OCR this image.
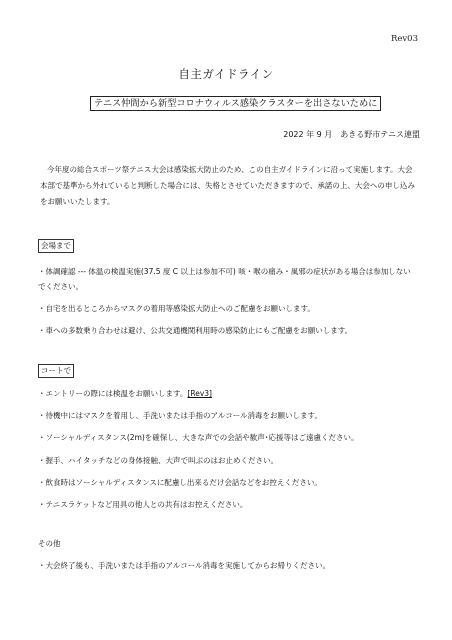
Rev03
自主ガイドライン
テニス仲間から新型コロナウィルス感染クラスターを出さないために
2022 年 9 月　あきる野市テニス連盟
今年度の総合スポーツ祭テニス大会は感染拡大防止のため、この自主ガイドラインに沿って実施します。大会本部で基準から外れていると判断した場合には、失格とさせていただきますので、承諾の上、大会への申し込みをお願いいたします。
会場まで
・体調確認 --- 体温の検温実施(37.5 度 C 以上は参加不可) 咳・喉の痛み・風邪の症状がある場合は参加しないでください。
・自宅を出るところからマスクの着用等感染拡大防止へのご配慮をお願いします。
・車への多数乗り合わせは避け、公共交通機関利用時の感染防止にもご配慮をお願いします。
コートで
・エントリーの際には検温をお願いします。[Rev3]
・待機中にはマスクを着用し、手洗いまたは手指のアルコール消毒をお願いします。
・ソーシャルディスタンス(2m)を確保し、大きな声での会話や歓声･応援等はご遠慮ください。
・握手、ハイタッチなどの身体接触、大声で叫ぶのはお止めください。
・飲食時はソーシャルディスタンスに配慮し出来るだけ会話などをお控えください。
・テニスラケットなど用具の他人との共有はお控えください。
その他
・大会終了後も、手洗いまたは手指のアルコール消毒を実施してからお帰りください。
